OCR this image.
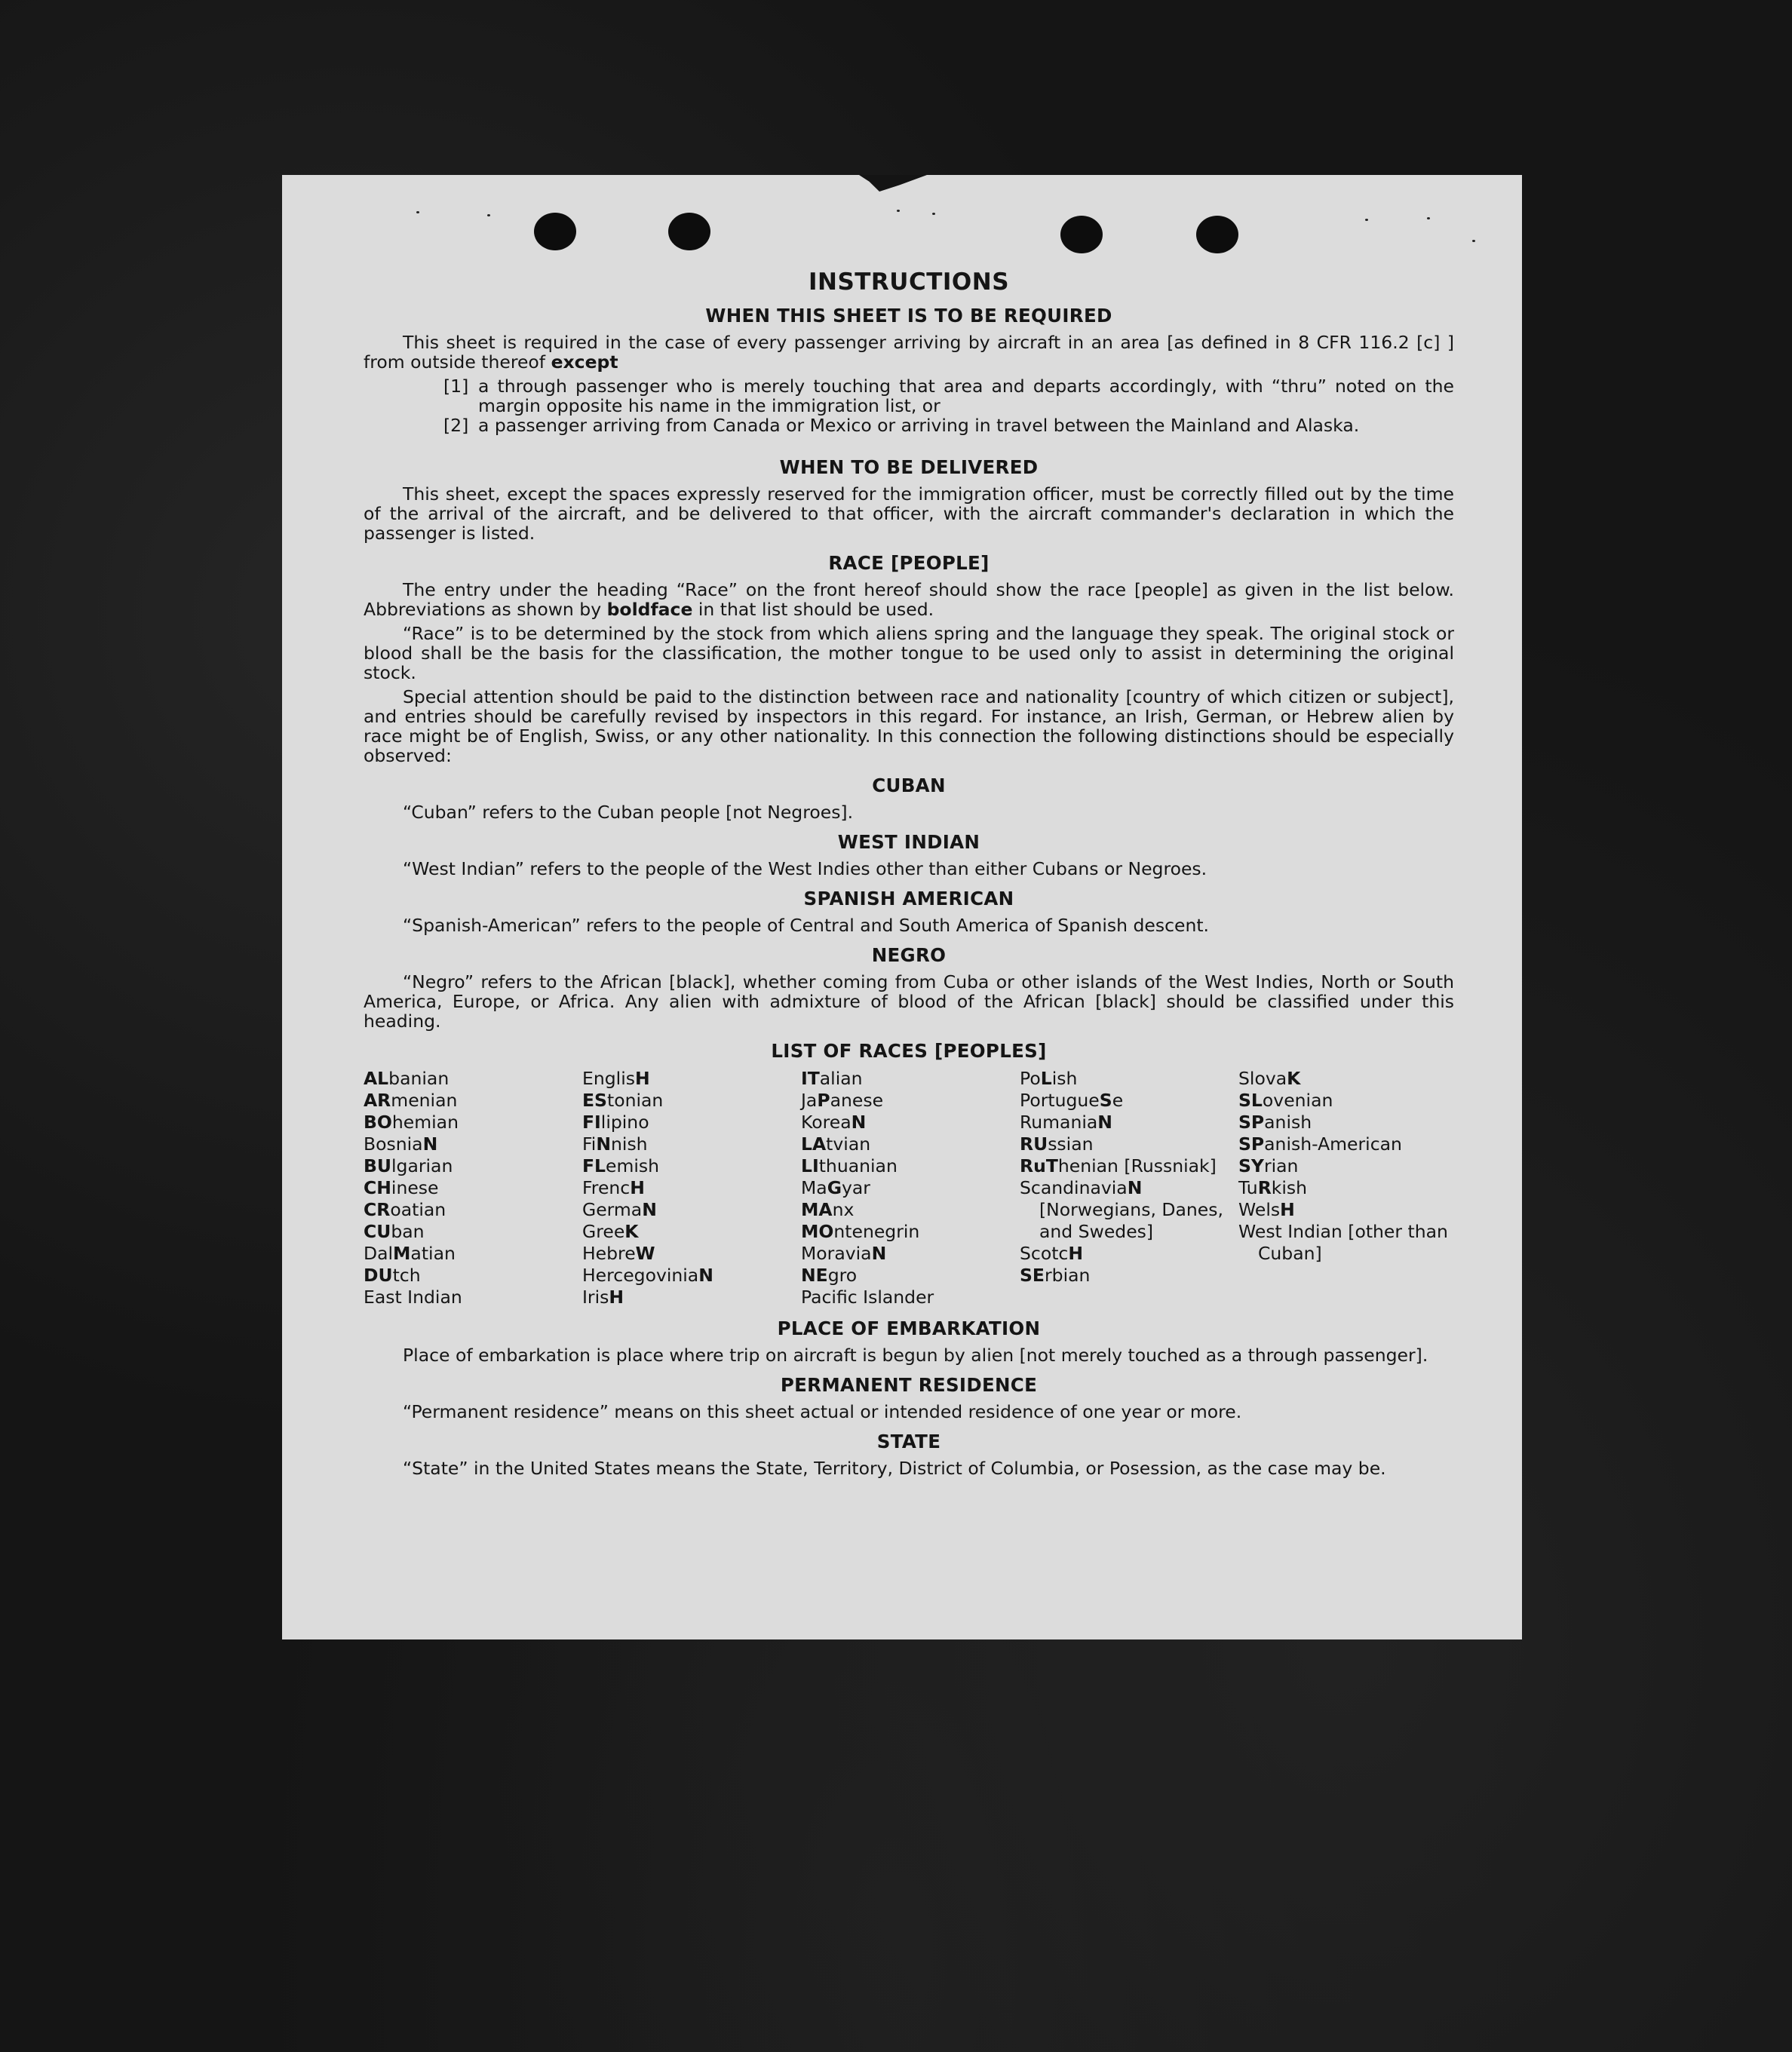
INSTRUCTIONS
WHEN THIS SHEET IS TO BE REQUIRED

This sheet is required in the case of every passenger arriving by aircraft in an area [as defined in 8 CFR 116.2 [c] ] from outside thereof except

[1] a through passenger who is merely touching that area and departs accordingly, with “thru” noted on the margin opposite his name in the immigration list, or
[2] a passenger arriving from Canada or Mexico or arriving in travel between the Mainland and Alaska.
WHEN TO BE DELIVERED

This sheet, except the spaces expressly reserved for the immigration officer, must be correctly filled out by the time of the arrival of the aircraft, and be delivered to that officer, with the aircraft commander's declaration in which the passenger is listed.

RACE [PEOPLE]

The entry under the heading “Race” on the front hereof should show the race [people] as given in the list below. Abbreviations as shown by boldface in that list should be used.

“Race” is to be determined by the stock from which aliens spring and the language they speak. The original stock or blood shall be the basis for the classification, the mother tongue to be used only to assist in determining the original stock.

Special attention should be paid to the distinction between race and nationality [country of which citizen or subject], and entries should be carefully revised by inspectors in this regard. For instance, an Irish, German, or Hebrew alien by race might be of English, Swiss, or any other nationality. In this connection the following distinctions should be especially observed:

CUBAN

“Cuban” refers to the Cuban people [not Negroes].

WEST INDIAN

“West Indian” refers to the people of the West Indies other than either Cubans or Negroes.

SPANISH AMERICAN

“Spanish-American” refers to the people of Central and South America of Spanish descent.

NEGRO

“Negro” refers to the African [black], whether coming from Cuba or other islands of the West Indies, North or South America, Europe, or Africa. Any alien with admixture of blood of the African [black] should be classified under this heading.

LIST OF RACES [PEOPLES]
ALbanian
ARmenian
BOhemian
BosniaN
BUlgarian
CHinese
CRoatian
CUban
DalMatian
DUtch
East Indian
EnglisH
EStonian
FIlipino
FiNnish
FLemish
FrencH
GermaN
GreeK
HebreW
HercegoviniaN
IrisH
ITalian
JaPanese
KoreaN
LAtvian
LIthuanian
MaGyar
MAnx
MOntenegrin
MoraviaN
NEgro
Pacific Islander
PoLish
PortugueSe
RumaniaN
RUssian
RuThenian [Russniak]
ScandinaviaN [Norwegians, Danes, and Swedes]
ScotcH
SErbian
SlovaK
SLovenian
SPanish
SPanish-American
SYrian
TuRkish
WelsH
West Indian [other than Cuban]
PLACE OF EMBARKATION

Place of embarkation is place where trip on aircraft is begun by alien [not merely touched as a through passenger].

PERMANENT RESIDENCE

“Permanent residence” means on this sheet actual or intended residence of one year or more.

STATE

“State” in the United States means the State, Territory, District of Columbia, or Posession, as the case may be.
